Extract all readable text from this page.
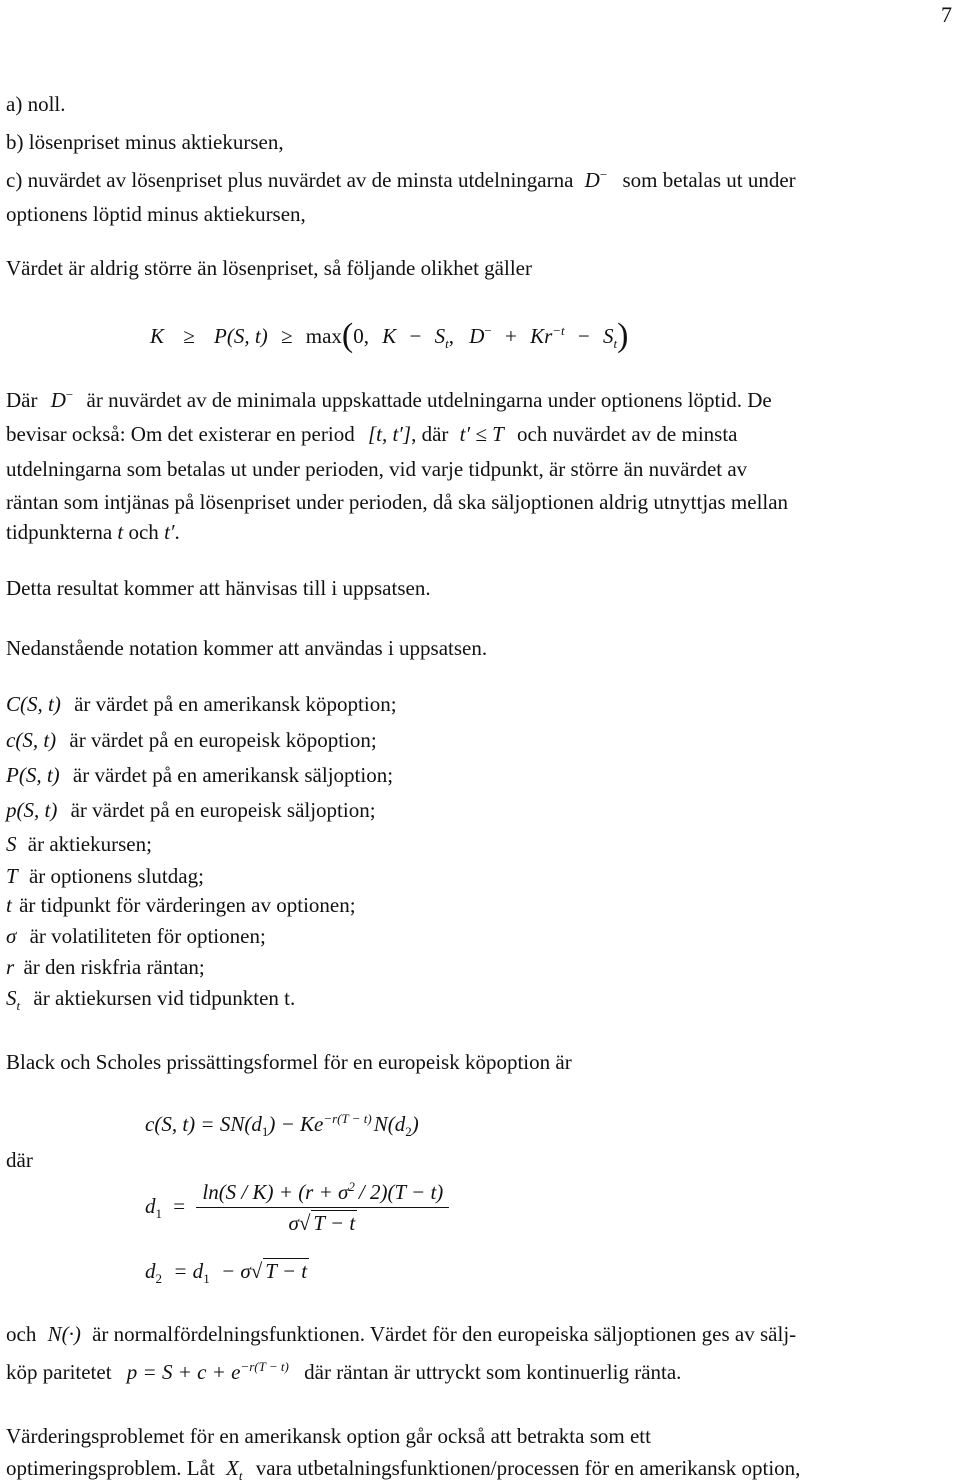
7
a) noll.
b) lösenpriset minus aktiekursen,
c) nuvärdet av lösenpriset plus nuvärdet av de minsta utdelningarna D− som betalas ut under
optionens löptid minus aktiekursen,
Värdet är aldrig större än lösenpriset, så följande olikhet gäller
K ≥ P(S, t) ≥ max(0, $K - S_t$, $D^- + Kr^{-t} - S_t$)
Där D− är nuvärdet av de minimala uppskattade utdelningarna under optionens löptid. De
bevisar också: Om det existerar en period [t, t′], där t′ ≤ T och nuvärdet av de minsta
utdelningarna som betalas ut under perioden, vid varje tidpunkt, är större än nuvärdet av
räntan som intjänas på lösenpriset under perioden, då ska säljoptionen aldrig utnyttjas mellan
tidpunkterna t och t′.
Detta resultat kommer att hänvisas till i uppsatsen.
Nedanstående notation kommer att användas i uppsatsen.
C(S, t) är värdet på en amerikansk köpoption;
c(S, t) är värdet på en europeisk köpoption;
P(S, t) är värdet på en amerikansk säljoption;
p(S, t) är värdet på en europeisk säljoption;
S är aktiekursen;
T är optionens slutdag;
t är tidpunkt för värderingen av optionen;
σ är volatiliteten för optionen;
r är den riskfria räntan;
$S_t$ är aktiekursen vid tidpunkten t.
Black och Scholes prissättingsformel för en europeisk köpoption är
c(S, $t) = SN(d_1) - Ke^{-r(T - t)}N(d_2)$
där
$d_1 = \frac{\ln(S / K) + (r + \sigma^2 / 2)(T - t)}{\sigma√ T - t}$
$d_2 = d_1 - \sigma√$ T − t
och N(·) är normalfördelningsfunktionen. Värdet för den europeiska säljoptionen ges av sälj-
köp paritetet $p = S + c + e^{-r(T - t)}$ där räntan är uttryckt som kontinuerlig ränta.
Värderingsproblemet för en amerikansk option går också att betrakta som ett
optimeringsproblem. Låt $X_t$ vara utbetalningsfunktionen/processen för en amerikansk option,
